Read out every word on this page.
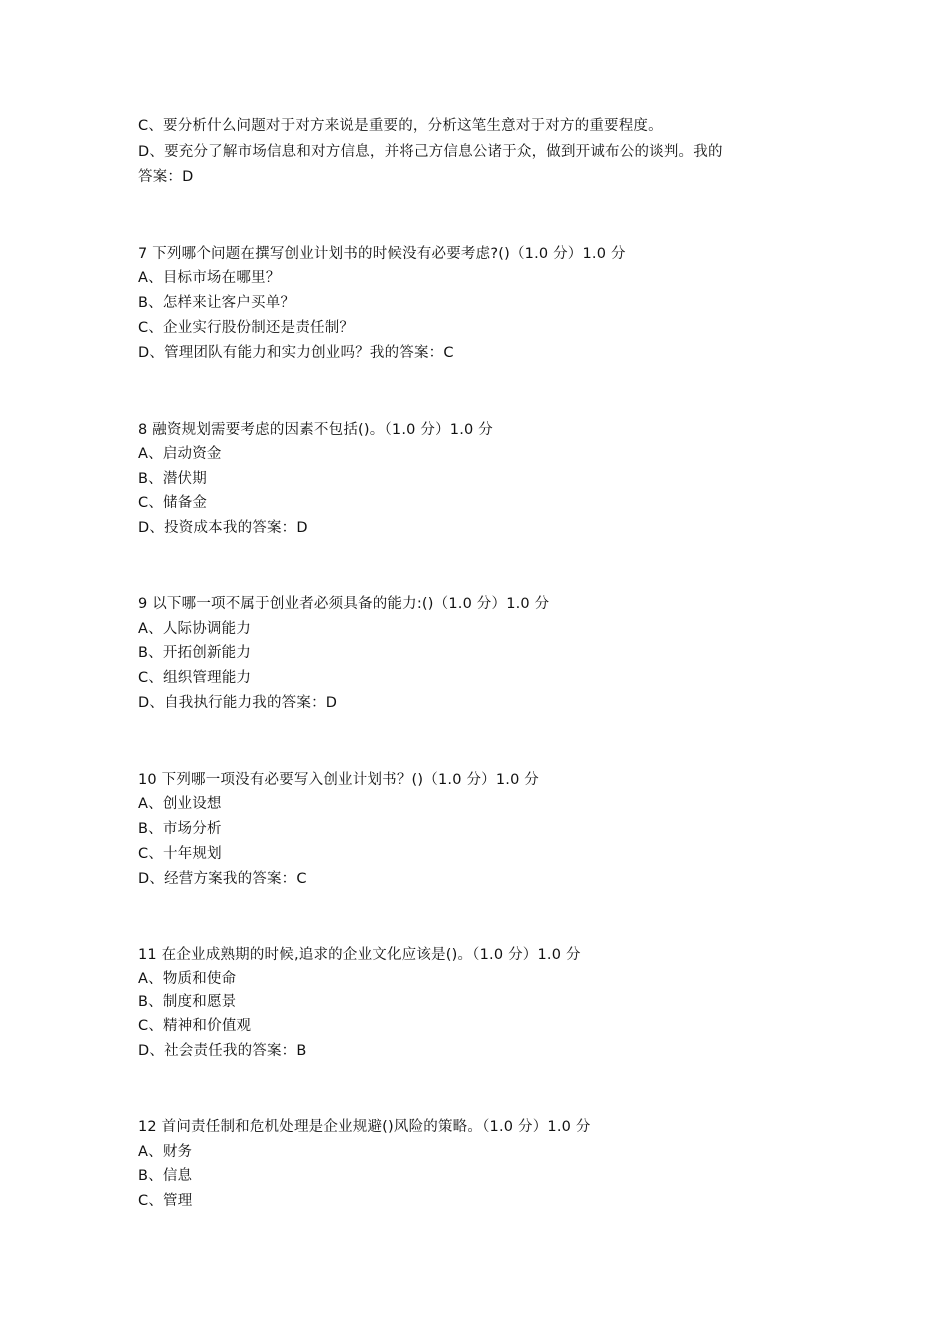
C、要分析什么问题对于对方来说是重要的，分析这笔生意对于对方的重要程度。
D、要充分了解市场信息和对方信息，并将己方信息公诸于众，做到开诚布公的谈判。我的
答案：D
7 下列哪个问题在撰写创业计划书的时候没有必要考虑?()（1.0 分）1.0 分
A、目标市场在哪里？
B、怎样来让客户买单？
C、企业实行股份制还是责任制？
D、管理团队有能力和实力创业吗？我的答案：C
8 融资规划需要考虑的因素不包括()。（1.0 分）1.0 分
A、启动资金
B、潜伏期
C、储备金
D、投资成本我的答案：D
9 以下哪一项不属于创业者必须具备的能力:()（1.0 分）1.0 分
A、人际协调能力
B、开拓创新能力
C、组织管理能力
D、自我执行能力我的答案：D
10 下列哪一项没有必要写入创业计划书？()（1.0 分）1.0 分
A、创业设想
B、市场分析
C、十年规划
D、经营方案我的答案：C
11 在企业成熟期的时候,追求的企业文化应该是()。（1.0 分）1.0 分
A、物质和使命
B、制度和愿景
C、精神和价值观
D、社会责任我的答案：B
12 首问责任制和危机处理是企业规避()风险的策略。（1.0 分）1.0 分
A、财务
B、信息
C、管理
